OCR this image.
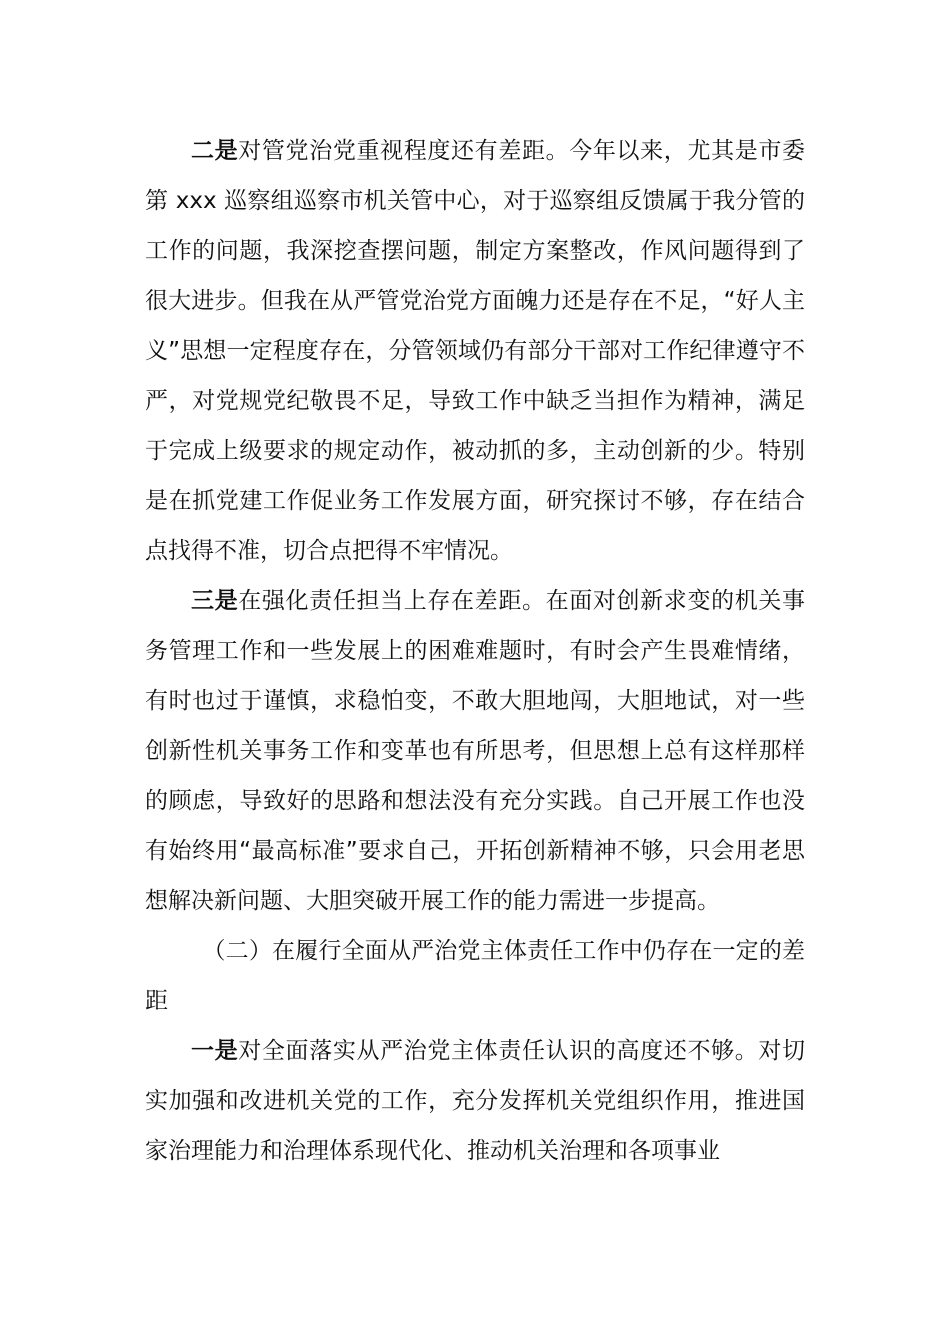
二是对管党治党重视程度还有差距。今年以来，尤其是市委第 xxx 巡察组巡察市机关管中心，对于巡察组反馈属于我分管的工作的问题，我深挖查摆问题，制定方案整改，作风问题得到了很大进步。但我在从严管党治党方面魄力还是存在不足，“好人主义”思想一定程度存在，分管领域仍有部分干部对工作纪律遵守不严，对党规党纪敬畏不足，导致工作中缺乏当担作为精神，满足于完成上级要求的规定动作，被动抓的多，主动创新的少。特别是在抓党建工作促业务工作发展方面，研究探讨不够，存在结合点找得不准，切合点把得不牢情况。

三是在强化责任担当上存在差距。在面对创新求变的机关事务管理工作和一些发展上的困难难题时，有时会产生畏难情绪，有时也过于谨慎，求稳怕变，不敢大胆地闯，大胆地试，对一些创新性机关事务工作和变革也有所思考，但思想上总有这样那样的顾虑，导致好的思路和想法没有充分实践。自己开展工作也没有始终用“最高标准”要求自己，开拓创新精神不够，只会用老思想解决新问题、大胆突破开展工作的能力需进一步提高。

（二）在履行全面从严治党主体责任工作中仍存在一定的差距

一是对全面落实从严治党主体责任认识的高度还不够。对切实加强和改进机关党的工作，充分发挥机关党组织作用，推进国家治理能力和治理体系现代化、推动机关治理和各项事业
